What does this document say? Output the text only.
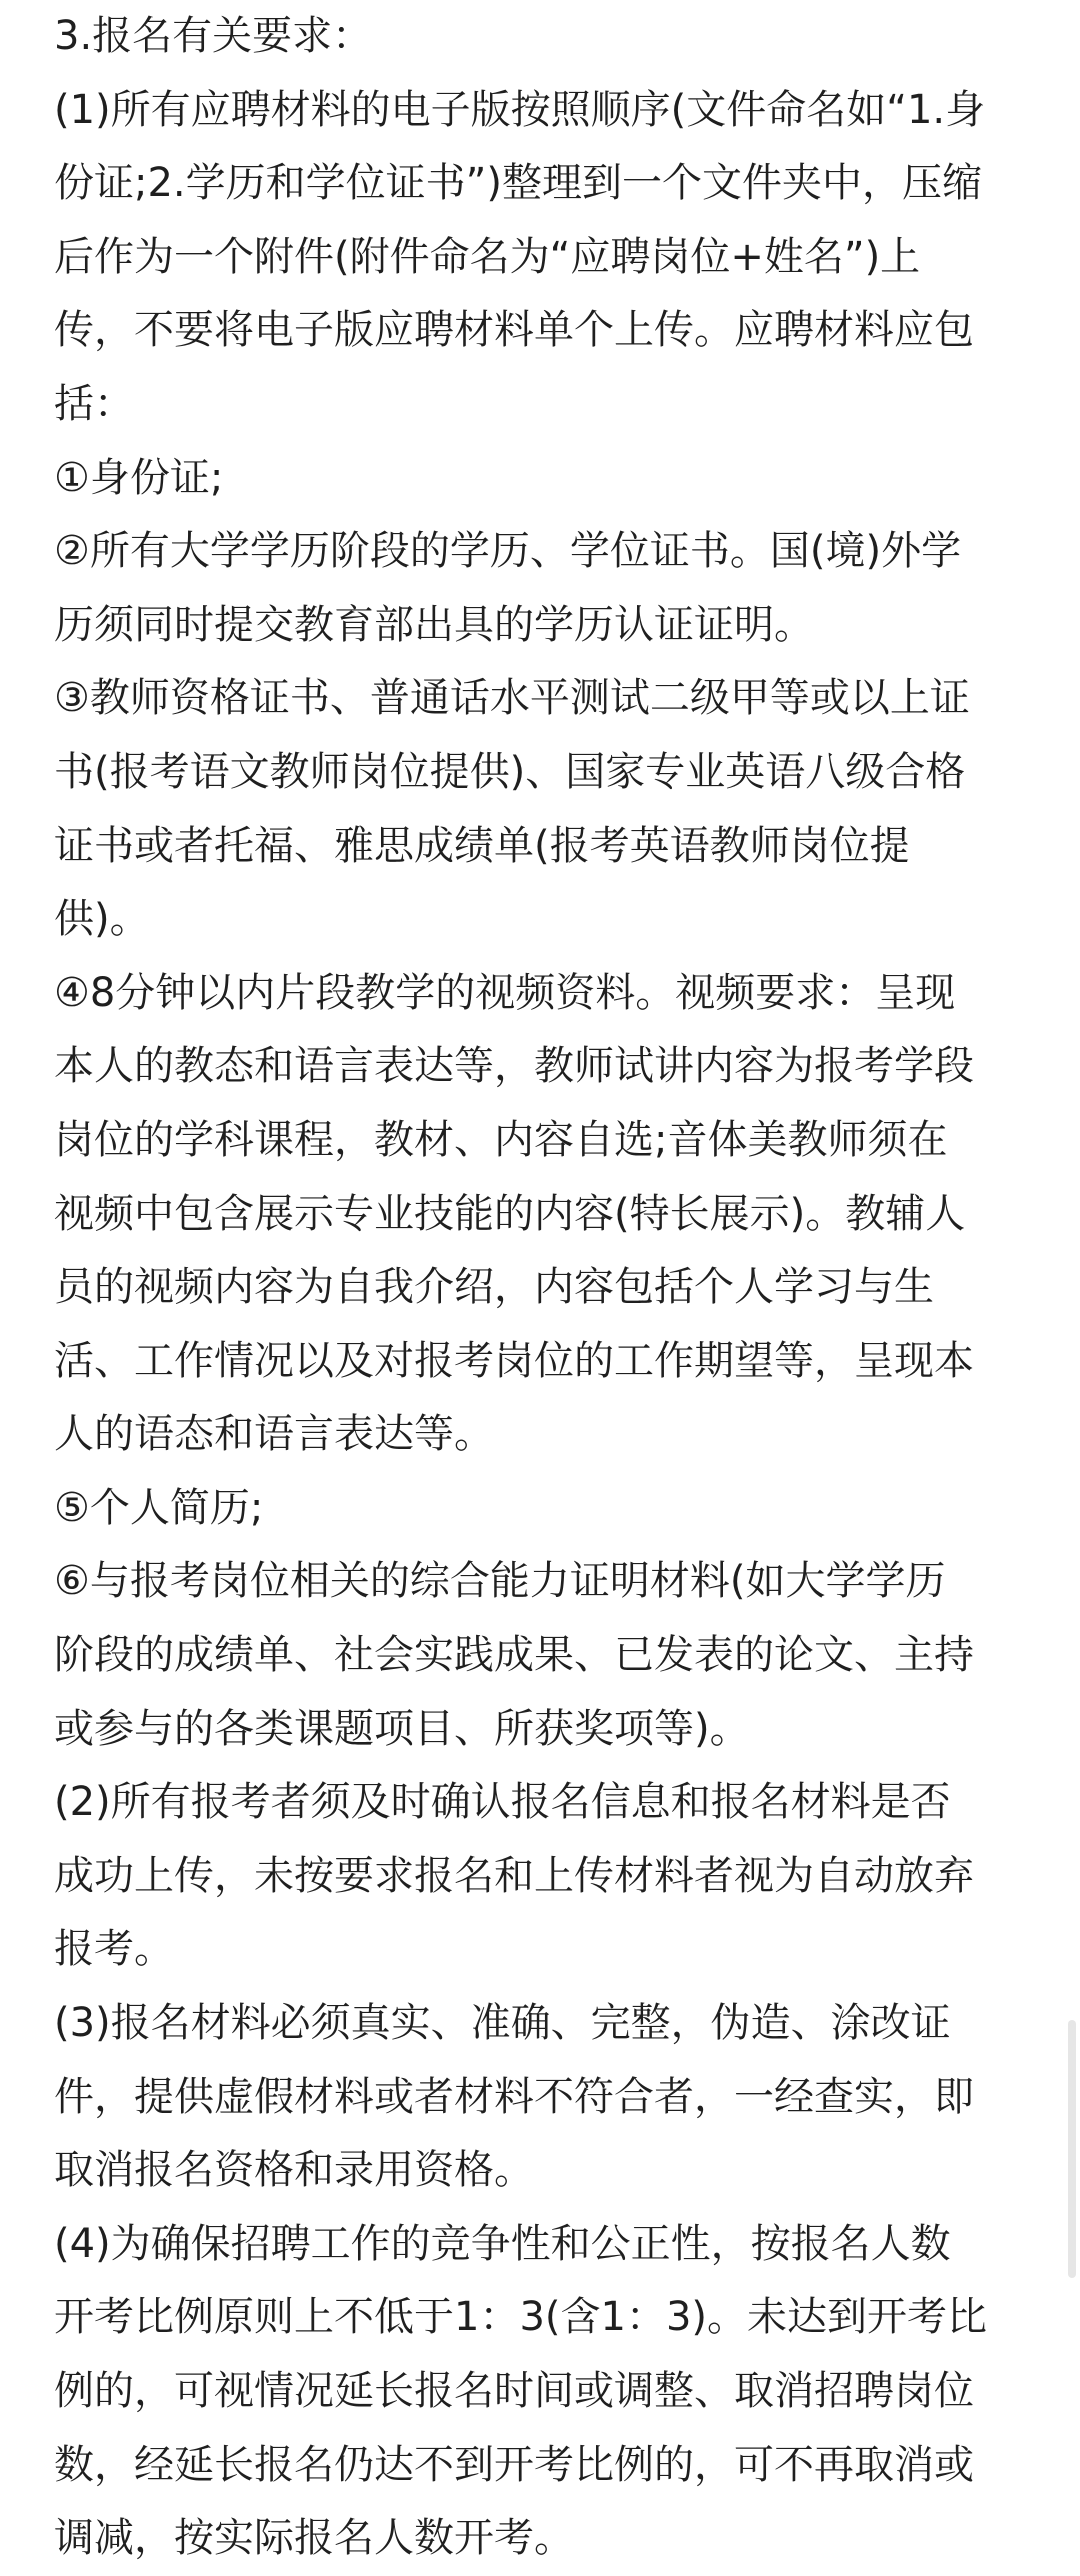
3.报名有关要求：
(1)所有应聘材料的电子版按照顺序(文件命名如“1.身
份证;2.学历和学位证书”)整理到一个文件夹中，压缩
后作为一个附件(附件命名为“应聘岗位+姓名”)上
传，不要将电子版应聘材料单个上传。应聘材料应包
括：
①身份证;
②所有大学学历阶段的学历、学位证书。国(境)外学
历须同时提交教育部出具的学历认证证明。
③教师资格证书、普通话水平测试二级甲等或以上证
书(报考语文教师岗位提供)、国家专业英语八级合格
证书或者托福、雅思成绩单(报考英语教师岗位提
供)。
④8分钟以内片段教学的视频资料。视频要求：呈现
本人的教态和语言表达等，教师试讲内容为报考学段
岗位的学科课程，教材、内容自选;音体美教师须在
视频中包含展示专业技能的内容(特长展示)。教辅人
员的视频内容为自我介绍，内容包括个人学习与生
活、工作情况以及对报考岗位的工作期望等，呈现本
人的语态和语言表达等。
⑤个人简历;
⑥与报考岗位相关的综合能力证明材料(如大学学历
阶段的成绩单、社会实践成果、已发表的论文、主持
或参与的各类课题项目、所获奖项等)。
(2)所有报考者须及时确认报名信息和报名材料是否
成功上传，未按要求报名和上传材料者视为自动放弃
报考。
(3)报名材料必须真实、准确、完整，伪造、涂改证
件，提供虚假材料或者材料不符合者，一经查实，即
取消报名资格和录用资格。
(4)为确保招聘工作的竞争性和公正性，按报名人数
开考比例原则上不低于1：3(含1：3)。未达到开考比
例的，可视情况延长报名时间或调整、取消招聘岗位
数，经延长报名仍达不到开考比例的，可不再取消或
调减，按实际报名人数开考。
